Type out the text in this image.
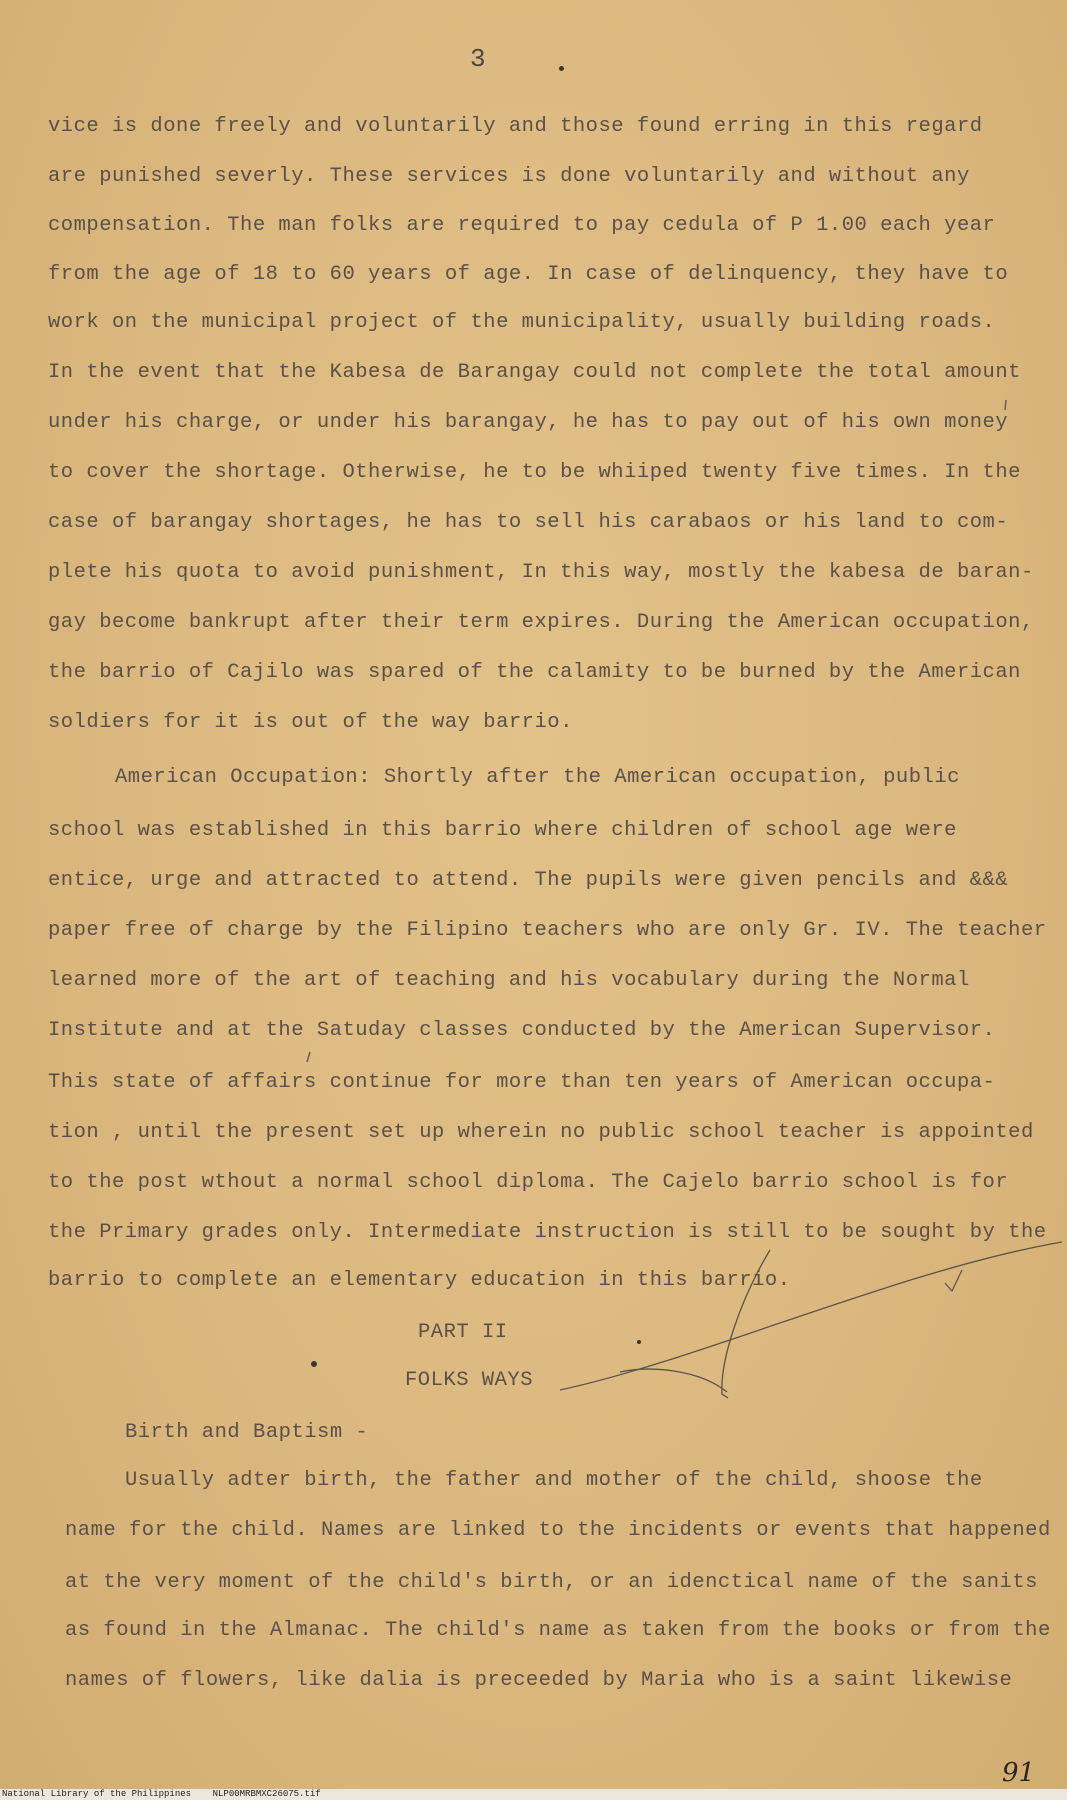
3
vice is done freely and voluntarily and those found erring in this regard
are punished severly. These services is done voluntarily and without any
compensation. The man folks are required to pay cedula of P 1.00 each year
from the age of 18 to 60 years of age. In case of delinquency, they have to
work on the municipal project of the municipality, usually building roads.
In the event that the Kabesa de Barangay could not complete the total amount
under his charge, or under his barangay, he has to pay out of his own money
to cover the shortage. Otherwise, he to be whiiped twenty five times. In the
case of barangay shortages, he has to sell his carabaos or his land to com-
plete his quota to avoid punishment, In this way, mostly the kabesa de baran-
gay become bankrupt after their term expires. During the American occupation,
the barrio of Cajilo was spared of the calamity to be burned by the American
soldiers for it is out of the way barrio.
American Occupation: Shortly after the American occupation, public
school was established in this barrio where children of school age were
entice, urge and attracted to attend. The pupils were given pencils and &&&
paper free of charge by the Filipino teachers who are only Gr. IV. The teacher
learned more of the art of teaching and his vocabulary during the Normal
Institute and at the Satuday classes conducted by the American Supervisor.
This state of affairs continue for more than ten years of American occupa-
tion , until the present set up wherein no public school teacher is appointed
to the post wthout a normal school diploma. The Cajelo barrio school is for
the Primary grades only. Intermediate instruction is still to be sought by the
barrio to complete an elementary education in this barrio.
PART II
FOLKS WAYS
Birth and Baptism -
Usually adter birth, the father and mother of the child, shoose the
name for the child. Names are linked to the incidents or events that happened
at the very moment of the child's birth, or an idenctical name of the sanits
as found in the Almanac. The child's name as taken from the books or from the
names of flowers, like dalia is preceeded by Maria who is a saint likewise
91
National Library of the Philippines    NLP00MRBMXC26075.tif
